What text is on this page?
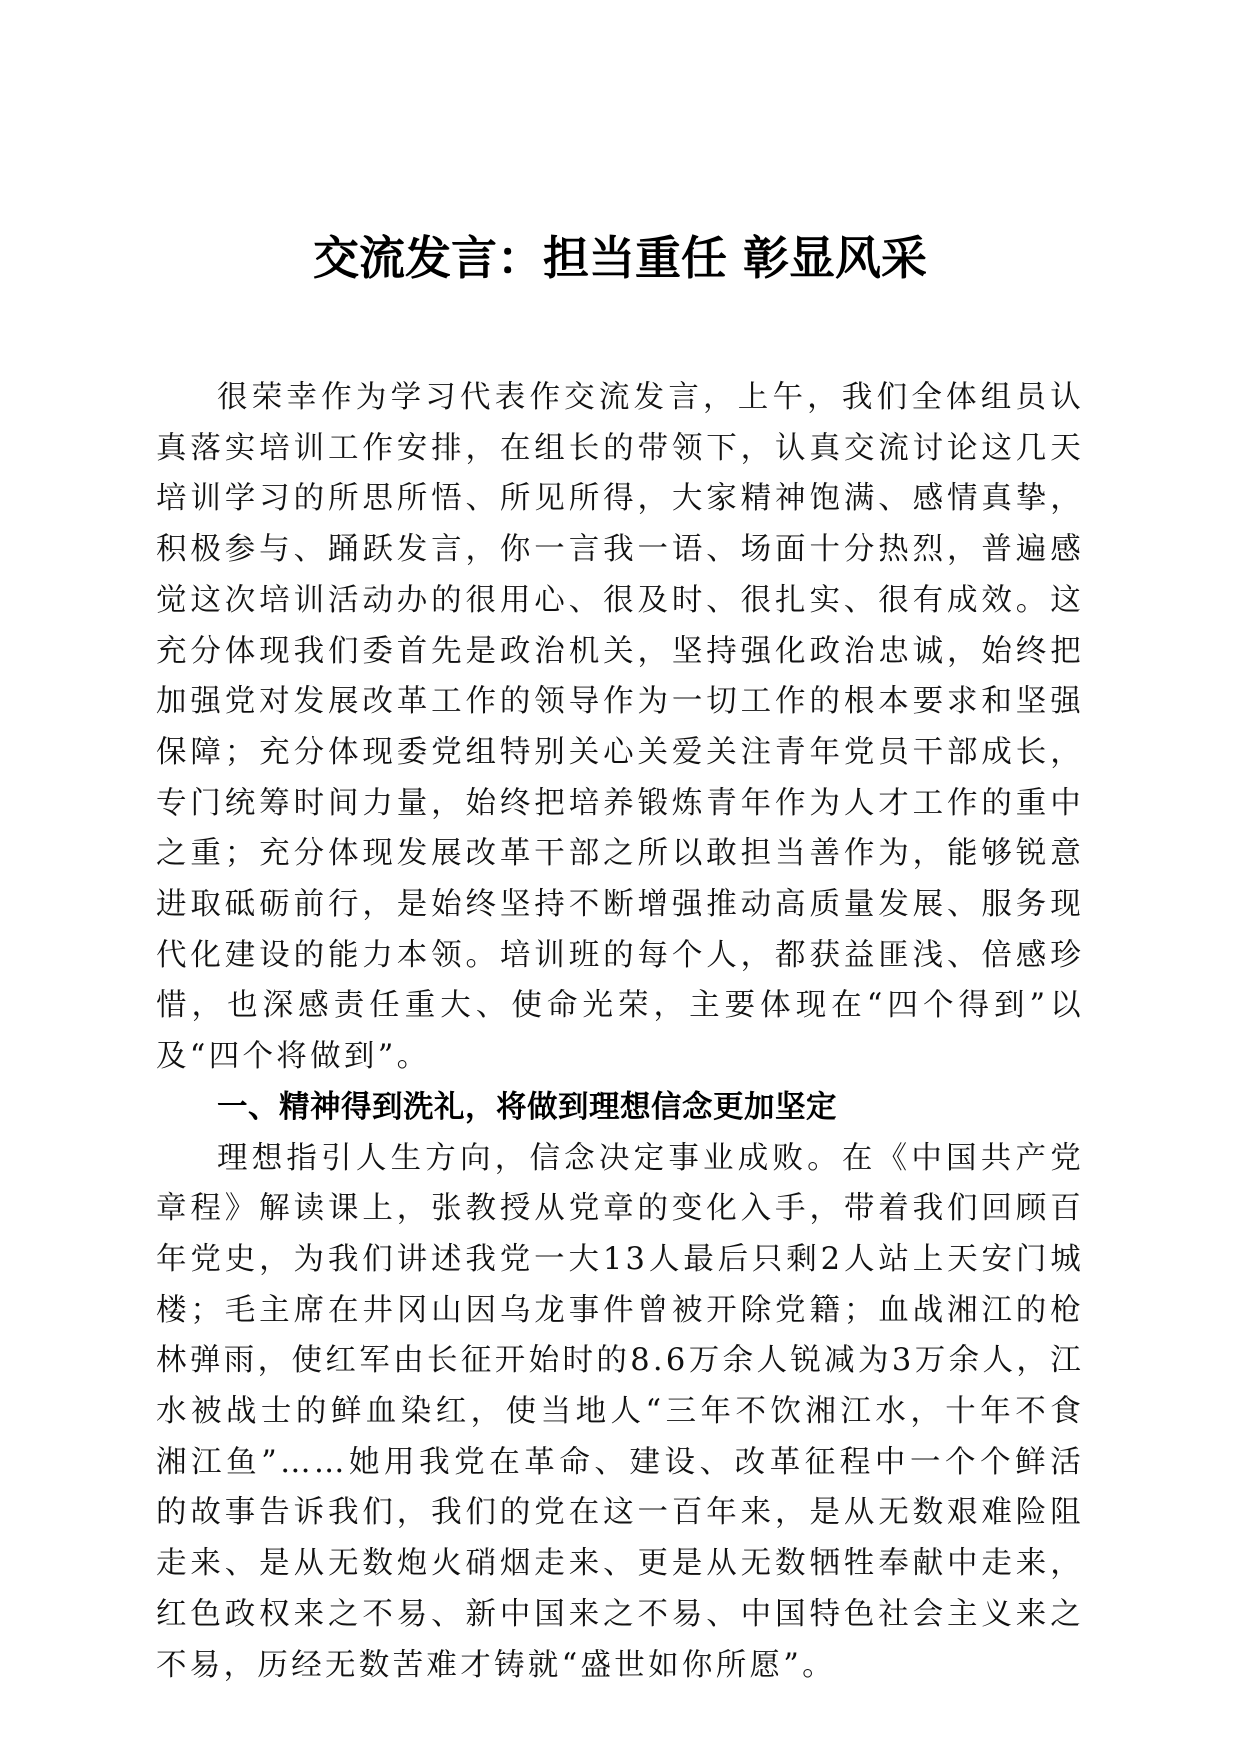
交流发言：担当重任 彰显风采

很荣幸作为学习代表作交流发言，上午，我们全体组员认真落实培训工作安排，在组长的带领下，认真交流讨论这几天培训学习的所思所悟、所见所得，大家精神饱满、感情真挚，积极参与、踊跃发言，你一言我一语、场面十分热烈，普遍感觉这次培训活动办的很用心、很及时、很扎实、很有成效。这充分体现我们委首先是政治机关，坚持强化政治忠诚，始终把加强党对发展改革工作的领导作为一切工作的根本要求和坚强保障；充分体现委党组特别关心关爱关注青年党员干部成长，专门统筹时间力量，始终把培养锻炼青年作为人才工作的重中之重；充分体现发展改革干部之所以敢担当善作为，能够锐意进取砥砺前行，是始终坚持不断增强推动高质量发展、服务现代化建设的能力本领。培训班的每个人，都获益匪浅、倍感珍惜，也深感责任重大、使命光荣，主要体现在“四个得到”以及“四个将做到”。

一、精神得到洗礼，将做到理想信念更加坚定

理想指引人生方向，信念决定事业成败。在《中国共产党章程》解读课上，张教授从党章的变化入手，带着我们回顾百年党史，为我们讲述我党一大13人最后只剩2人站上天安门城楼；毛主席在井冈山因乌龙事件曾被开除党籍；血战湘江的枪林弹雨，使红军由长征开始时的8.6万余人锐减为3万余人，江水被战士的鲜血染红，使当地人“三年不饮湘江水，十年不食湘江鱼”……她用我党在革命、建设、改革征程中一个个鲜活的故事告诉我们，我们的党在这一百年来，是从无数艰难险阻走来、是从无数炮火硝烟走来、更是从无数牺牲奉献中走来，红色政权来之不易、新中国来之不易、中国特色社会主义来之不易，历经无数苦难才铸就“盛世如你所愿”。
